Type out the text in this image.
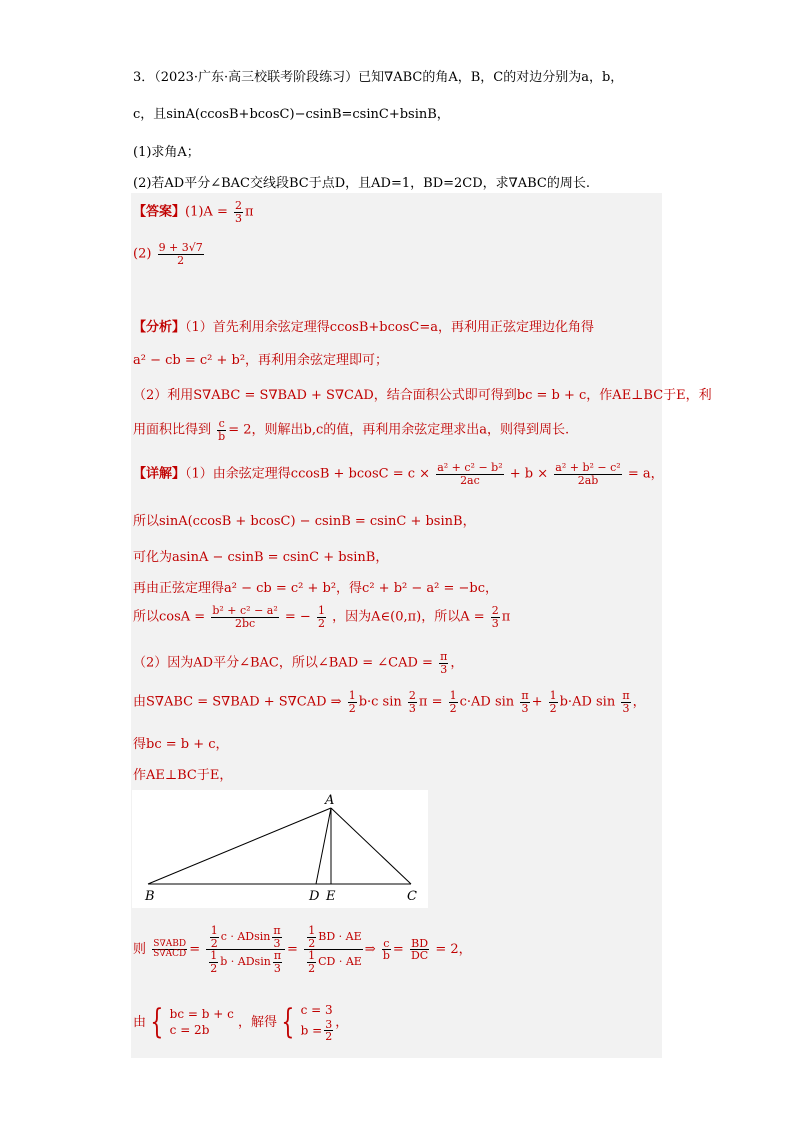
3．（2023·广东·高三校联考阶段练习）已知∇ABC的角A，B，C的对边分别为a，b，
c，且sinA(ccosB+bcosC)−csinB=csinC+bsinB，
(1)求角A；
(2)若AD平分∠BAC交线段BC于点D，且AD=1，BD=2CD，求∇ABC的周长.
【答案】$(1)A = \frac{2}{3}$ π
$(2) \frac{9 + 3√7}{2}$
【分析】（1）首先利用余弦定理得ccosB+bcosC=a，再利用正弦定理边化角得
a² − cb = c² + b²，再利用余弦定理即可；
（2）利用S∇ABC = S∇BAD + S∇CAD，结合面积公式即可得到bc = b + c，作AE⊥BC于E，利
用面积比得到 $\frac{c}{b} = 2$，则解出b,c的值，再利用余弦定理求出a，则得到周长.
【详解】（1）由余弦定理得$ccosB + bcosC = c \times \frac{\text{a² + c² − b²}}{2ac} + b \times \frac{\text{a² + b² − c²}}{2ab} = a$，
所以sinA(ccosB + bcosC) − csinB = csinC + bsinB，
可化为asinA − csinB = csinC + bsinB，
再由正弦定理得a² − cb = c² + b²，得c² + b² − a² = −bc，
所以$\cos A = \frac{\text{b² + c² − a²}}{2bc}$ = − $\frac{1}{2}$ ，因为A∈(0,π)，所以$A = \frac{2}{3}$ π
（2）因为AD平分∠BAC，所以∠BAD = ∠CAD = $\frac{\pi}{3}$ ，
由S∇ABC = S∇BAD + S∇CAD ⇒ $\frac{1}{2} b\cdot c$ $\sin \frac{2}{3}$ $\pi = \frac{1}{2} c\cdot AD$ $\sin \frac{\pi}{3} + \frac{1}{2} b\cdot AD$ $\sin \frac{\pi}{3}$ ，
得bc = b + c，
作AE⊥BC于E，
A
B	C
D E
则 $\frac{\text{S∇ABD}}{\text{S∇ACD}} = \frac{\frac{1}{2} c \cdot ADsin \frac{\pi}{3}}{\frac{1}{2} b \cdot ADsin \frac{\pi}{3}} = \frac{\frac{1}{2} BD \cdot AE}{\frac{1}{2} CD \cdot AE}$ ⇒ $\frac{c}{b} = \frac{BD}{DC} = 2$，
由 { bc = b + c
c = 2b
，解得 { c = 3
$b = \frac{3}{2}$ ，
